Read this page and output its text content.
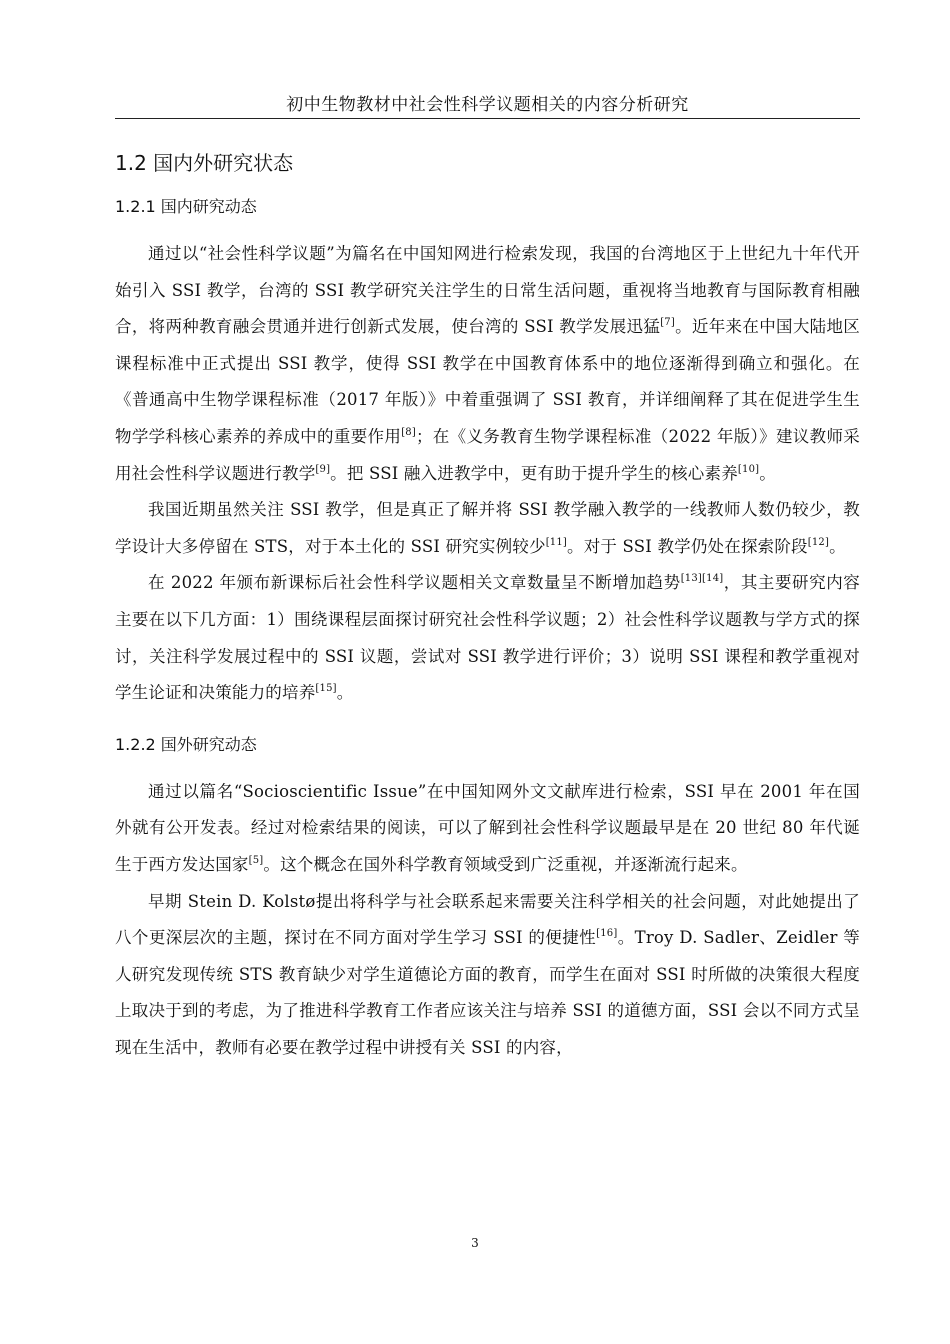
初中生物教材中社会性科学议题相关的内容分析研究
1.2 国内外研究状态
1.2.1 国内研究动态

通过以“社会性科学议题”为篇名在中国知网进行检索发现，我国的台湾地区于上世纪九十年代开始引入 SSI 教学，台湾的 SSI 教学研究关注学生的日常生活问题，重视将当地教育与国际教育相融合，将两种教育融会贯通并进行创新式发展，使台湾的 SSI 教学发展迅猛[7]。近年来在中国大陆地区课程标准中正式提出 SSI 教学，使得 SSI 教学在中国教育体系中的地位逐渐得到确立和强化。在《普通高中生物学课程标准（2017 年版）》中着重强调了 SSI 教育，并详细阐释了其在促进学生生物学学科核心素养的养成中的重要作用[8]；在《义务教育生物学课程标准（2022 年版）》建议教师采用社会性科学议题进行教学[9]。把 SSI 融入进教学中，更有助于提升学生的核心素养[10]。

我国近期虽然关注 SSI 教学，但是真正了解并将 SSI 教学融入教学的一线教师人数仍较少，教学设计大多停留在 STS，对于本土化的 SSI 研究实例较少[11]。对于 SSI 教学仍处在探索阶段[12]。

在 2022 年颁布新课标后社会性科学议题相关文章数量呈不断增加趋势[13][14]，其主要研究内容主要在以下几方面：1）围绕课程层面探讨研究社会性科学议题；2）社会性科学议题教与学方式的探讨，关注科学发展过程中的 SSI 议题，尝试对 SSI 教学进行评价；3）说明 SSI 课程和教学重视对学生论证和决策能力的培养[15]。

1.2.2 国外研究动态

通过以篇名“Socioscientific Issue”在中国知网外文文献库进行检索，SSI 早在 2001 年在国外就有公开发表。经过对检索结果的阅读，可以了解到社会性科学议题最早是在 20 世纪 80 年代诞生于西方发达国家[5]。这个概念在国外科学教育领域受到广泛重视，并逐渐流行起来。

早期 Stein D. Kolstø提出将科学与社会联系起来需要关注科学相关的社会问题，对此她提出了八个更深层次的主题，探讨在不同方面对学生学习 SSI 的便捷性[16]。Troy D. Sadler、Zeidler 等人研究发现传统 STS 教育缺少对学生道德论方面的教育，而学生在面对 SSI 时所做的决策很大程度上取决于到的考虑，为了推进科学教育工作者应该关注与培养 SSI 的道德方面，SSI 会以不同方式呈现在生活中，教师有必要在教学过程中讲授有关 SSI 的内容，

3
